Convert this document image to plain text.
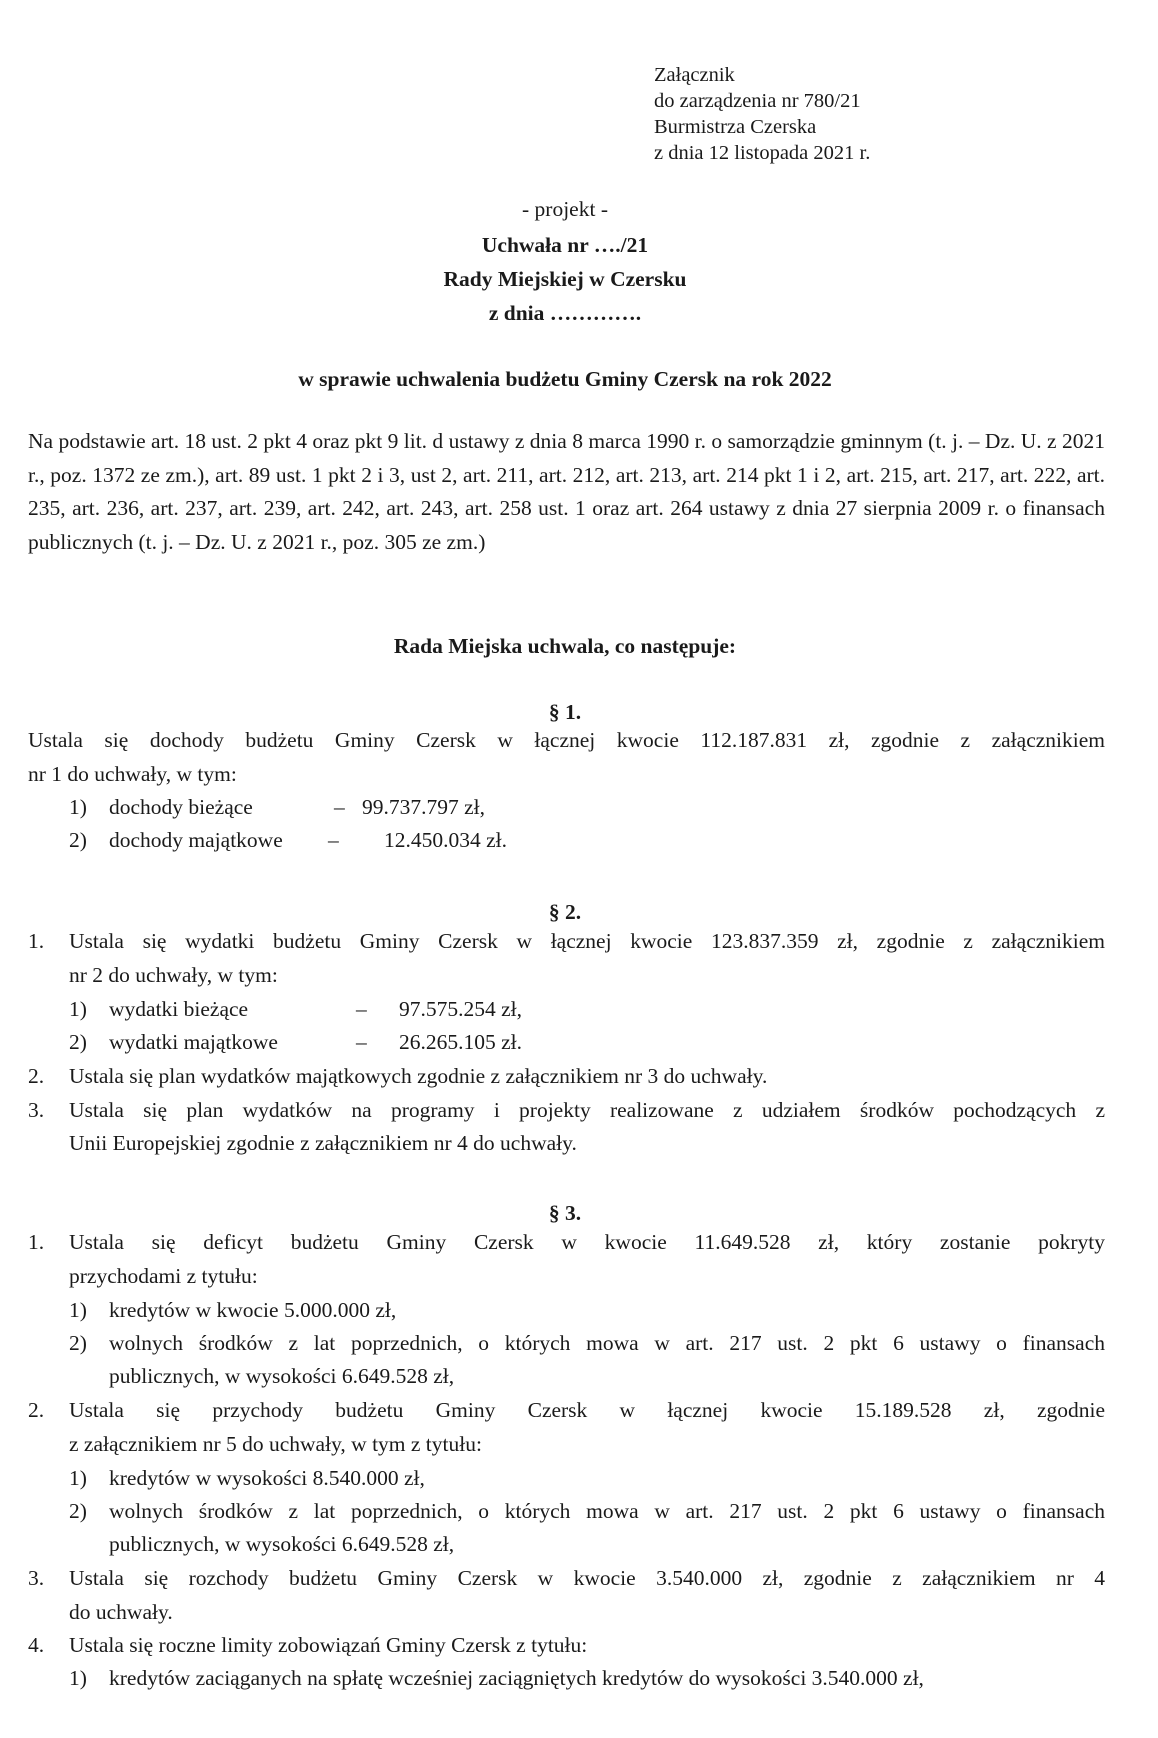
Załącznik
do zarządzenia nr 780/21
Burmistrza Czerska
z dnia 12 listopada 2021 r.
- projekt -
Uchwała nr …./21
Rady Miejskiej w Czersku
z dnia ………….
w sprawie uchwalenia budżetu Gminy Czersk na rok 2022
Na podstawie art. 18 ust. 2 pkt 4 oraz pkt 9 lit. d ustawy z dnia 8 marca 1990 r. o samorządzie gminnym (t. j. – Dz. U. z 2021 r., poz. 1372 ze zm.), art. 89 ust. 1 pkt 2 i 3, ust 2, art. 211, art. 212, art. 213, art. 214 pkt 1 i 2, art. 215, art. 217, art. 222, art. 235, art. 236, art. 237, art. 239, art. 242, art. 243, art. 258 ust. 1 oraz art. 264 ustawy z dnia 27 sierpnia 2009 r. o finansach publicznych (t. j. – Dz. U. z 2021 r., poz. 305 ze zm.)
Rada Miejska uchwala, co następuje:
§ 1.
Ustala się dochody budżetu Gminy Czersk w łącznej kwocie 112.187.831 zł, zgodnie z załącznikiem
nr 1 do uchwały, w tym:
1) dochody bieżące	– 99.737.797 zł,
2) dochody majątkowe – 12.450.034 zł.
§ 2.
1. Ustala się wydatki budżetu Gminy Czersk w łącznej kwocie 123.837.359 zł, zgodnie z załącznikiem
nr 2 do uchwały, w tym:
1) wydatki bieżące	– 97.575.254 zł,
2) wydatki majątkowe	– 26.265.105 zł.
2. Ustala się plan wydatków majątkowych zgodnie z załącznikiem nr 3 do uchwały.
3. Ustala się plan wydatków na programy i projekty realizowane z udziałem środków pochodzących z
Unii Europejskiej zgodnie z załącznikiem nr 4 do uchwały.
§ 3.
1. Ustala się deficyt budżetu Gminy Czersk w kwocie 11.649.528 zł, który zostanie pokryty
przychodami z tytułu:
1) kredytów w kwocie 5.000.000 zł,
2) wolnych środków z lat poprzednich, o których mowa w art. 217 ust. 2 pkt 6 ustawy o finansach
publicznych, w wysokości 6.649.528 zł,
2. Ustala się przychody budżetu Gminy Czersk w łącznej kwocie 15.189.528 zł, zgodnie
z załącznikiem nr 5 do uchwały, w tym z tytułu:
1) kredytów w wysokości 8.540.000 zł,
2) wolnych środków z lat poprzednich, o których mowa w art. 217 ust. 2 pkt 6 ustawy o finansach
publicznych, w wysokości 6.649.528 zł,
3. Ustala się rozchody budżetu Gminy Czersk w kwocie 3.540.000 zł, zgodnie z załącznikiem nr 4
do uchwały.
4. Ustala się roczne limity zobowiązań Gminy Czersk z tytułu:
1) kredytów zaciąganych na spłatę wcześniej zaciągniętych kredytów do wysokości 3.540.000 zł,
